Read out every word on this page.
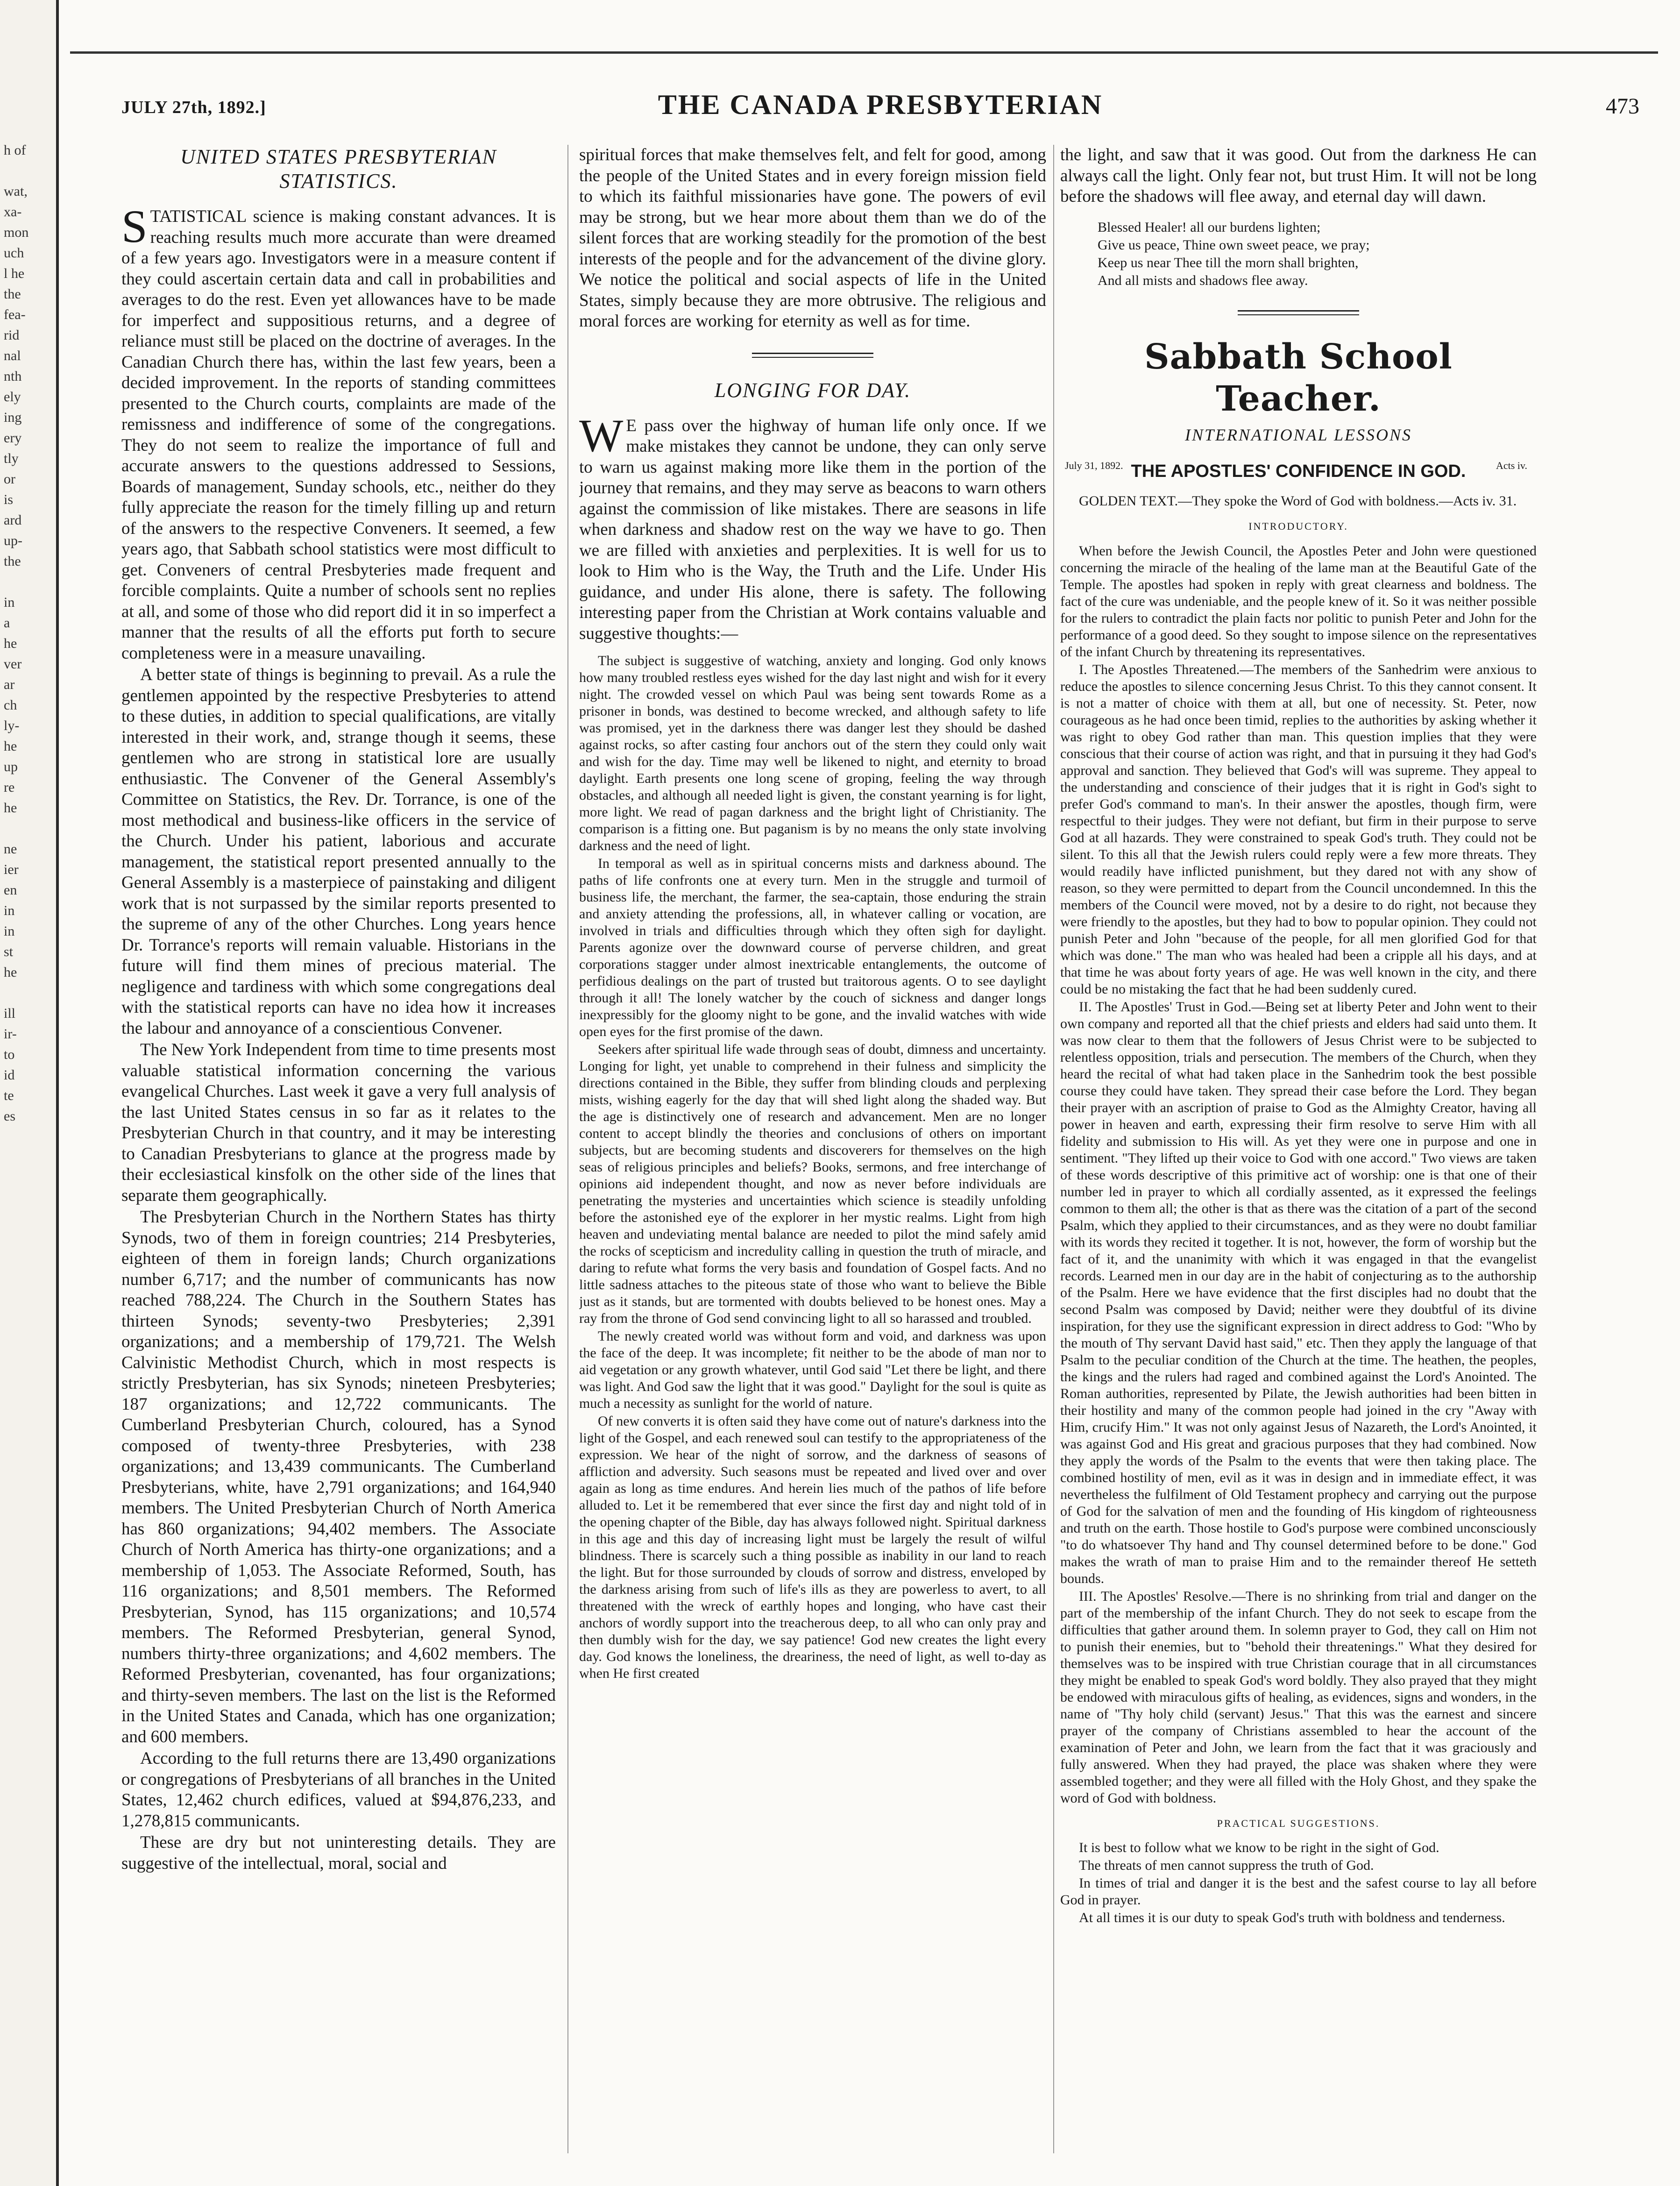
h of
wat,
xa-
mon
uch
l he
the
fea-
rid
nal
nth
ely
ing
ery
tly
or
is
ard
up-
the
in
a
he
ver
ar
ch
ly-
he
up
re
he
ne
ier
en
in
in
st
he
ill
ir-
to
id
te
es
JULY 27th, 1892.]	THE CANADA PRESBYTERIAN	473
UNITED STATES PRESBYTERIAN STATISTICS.

STATISTICAL science is making constant advances. It is reaching results much more accurate than were dreamed of a few years ago. Investigators were in a measure content if they could ascertain certain data and call in probabilities and averages to do the rest. Even yet allowances have to be made for imperfect and suppositious returns, and a degree of reliance must still be placed on the doctrine of averages. In the Canadian Church there has, within the last few years, been a decided improvement. In the reports of standing committees presented to the Church courts, complaints are made of the remissness and indifference of some of the congregations. They do not seem to realize the importance of full and accurate answers to the questions addressed to Sessions, Boards of management, Sunday schools, etc., neither do they fully appreciate the reason for the timely filling up and return of the answers to the respective Conveners. It seemed, a few years ago, that Sabbath school statistics were most difficult to get. Conveners of central Presbyteries made frequent and forcible complaints. Quite a number of schools sent no replies at all, and some of those who did report did it in so imperfect a manner that the results of all the efforts put forth to secure completeness were in a measure unavailing.

A better state of things is beginning to prevail. As a rule the gentlemen appointed by the respective Presbyteries to attend to these duties, in addition to special qualifications, are vitally interested in their work, and, strange though it seems, these gentlemen who are strong in statistical lore are usually enthusiastic. The Convener of the General Assembly's Committee on Statistics, the Rev. Dr. Torrance, is one of the most methodical and business-like officers in the service of the Church. Under his patient, laborious and accurate management, the statistical report presented annually to the General Assembly is a masterpiece of painstaking and diligent work that is not surpassed by the similar reports presented to the supreme of any of the other Churches. Long years hence Dr. Torrance's reports will remain valuable. Historians in the future will find them mines of precious material. The negligence and tardiness with which some congregations deal with the statistical reports can have no idea how it increases the labour and annoyance of a conscientious Convener.

The New York Independent from time to time presents most valuable statistical information concerning the various evangelical Churches. Last week it gave a very full analysis of the last United States census in so far as it relates to the Presbyterian Church in that country, and it may be interesting to Canadian Presbyterians to glance at the progress made by their ecclesiastical kinsfolk on the other side of the lines that separate them geographically.

The Presbyterian Church in the Northern States has thirty Synods, two of them in foreign countries; 214 Presbyteries, eighteen of them in foreign lands; Church organizations number 6,717; and the number of communicants has now reached 788,224. The Church in the Southern States has thirteen Synods; seventy-two Presbyteries; 2,391 organizations; and a membership of 179,721. The Welsh Calvinistic Methodist Church, which in most respects is strictly Presbyterian, has six Synods; nineteen Presbyteries; 187 organizations; and 12,722 communicants. The Cumberland Presbyterian Church, coloured, has a Synod composed of twenty-three Presbyteries, with 238 organizations; and 13,439 communicants. The Cumberland Presbyterians, white, have 2,791 organizations; and 164,940 members. The United Presbyterian Church of North America has 860 organizations; 94,402 members. The Associate Church of North America has thirty-one organizations; and a membership of 1,053. The Associate Reformed, South, has 116 organizations; and 8,501 members. The Reformed Presbyterian, Synod, has 115 organizations; and 10,574 members. The Reformed Presbyterian, general Synod, numbers thirty-three organizations; and 4,602 members. The Reformed Presbyterian, covenanted, has four organizations; and thirty-seven members. The last on the list is the Reformed in the United States and Canada, which has one organization; and 600 members.

According to the full returns there are 13,490 organizations or congregations of Presbyterians of all branches in the United States, 12,462 church edifices, valued at $94,876,233, and 1,278,815 communicants.

These are dry but not uninteresting details. They are suggestive of the intellectual, moral, social and

spiritual forces that make themselves felt, and felt for good, among the people of the United States and in every foreign mission field to which its faithful missionaries have gone. The powers of evil may be strong, but we hear more about them than we do of the silent forces that are working steadily for the promotion of the best interests of the people and for the advancement of the divine glory. We notice the political and social aspects of life in the United States, simply because they are more obtrusive. The religious and moral forces are working for eternity as well as for time.

LONGING FOR DAY.

WE pass over the highway of human life only once. If we make mistakes they cannot be undone, they can only serve to warn us against making more like them in the portion of the journey that remains, and they may serve as beacons to warn others against the commission of like mistakes. There are seasons in life when darkness and shadow rest on the way we have to go. Then we are filled with anxieties and perplexities. It is well for us to look to Him who is the Way, the Truth and the Life. Under His guidance, and under His alone, there is safety. The following interesting paper from the Christian at Work contains valuable and suggestive thoughts:—

The subject is suggestive of watching, anxiety and longing. God only knows how many troubled restless eyes wished for the day last night and wish for it every night. The crowded vessel on which Paul was being sent towards Rome as a prisoner in bonds, was destined to become wrecked, and although safety to life was promised, yet in the darkness there was danger lest they should be dashed against rocks, so after casting four anchors out of the stern they could only wait and wish for the day. Time may well be likened to night, and eternity to broad daylight. Earth presents one long scene of groping, feeling the way through obstacles, and although all needed light is given, the constant yearning is for light, more light. We read of pagan darkness and the bright light of Christianity. The comparison is a fitting one. But paganism is by no means the only state involving darkness and the need of light.

In temporal as well as in spiritual concerns mists and darkness abound. The paths of life confronts one at every turn. Men in the struggle and turmoil of business life, the merchant, the farmer, the sea-captain, those enduring the strain and anxiety attending the professions, all, in whatever calling or vocation, are involved in trials and difficulties through which they often sigh for daylight. Parents agonize over the downward course of perverse children, and great corporations stagger under almost inextricable entanglements, the outcome of perfidious dealings on the part of trusted but traitorous agents. O to see daylight through it all! The lonely watcher by the couch of sickness and danger longs inexpressibly for the gloomy night to be gone, and the invalid watches with wide open eyes for the first promise of the dawn.

Seekers after spiritual life wade through seas of doubt, dimness and uncertainty. Longing for light, yet unable to comprehend in their fulness and simplicity the directions contained in the Bible, they suffer from blinding clouds and perplexing mists, wishing eagerly for the day that will shed light along the shaded way. But the age is distinctively one of research and advancement. Men are no longer content to accept blindly the theories and conclusions of others on important subjects, but are becoming students and discoverers for themselves on the high seas of religious principles and beliefs? Books, sermons, and free interchange of opinions aid independent thought, and now as never before individuals are penetrating the mysteries and uncertainties which science is steadily unfolding before the astonished eye of the explorer in her mystic realms. Light from high heaven and undeviating mental balance are needed to pilot the mind safely amid the rocks of scepticism and incredulity calling in question the truth of miracle, and daring to refute what forms the very basis and foundation of Gospel facts. And no little sadness attaches to the piteous state of those who want to believe the Bible just as it stands, but are tormented with doubts believed to be honest ones. May a ray from the throne of God send convincing light to all so harassed and troubled.

The newly created world was without form and void, and darkness was upon the face of the deep. It was incomplete; fit neither to be the abode of man nor to aid vegetation or any growth whatever, until God said "Let there be light, and there was light. And God saw the light that it was good." Daylight for the soul is quite as much a necessity as sunlight for the world of nature.

Of new converts it is often said they have come out of nature's darkness into the light of the Gospel, and each renewed soul can testify to the appropriateness of the expression. We hear of the night of sorrow, and the darkness of seasons of affliction and adversity. Such seasons must be repeated and lived over and over again as long as time endures. And herein lies much of the pathos of life before alluded to. Let it be remembered that ever since the first day and night told of in the opening chapter of the Bible, day has always followed night. Spiritual darkness in this age and this day of increasing light must be largely the result of wilful blindness. There is scarcely such a thing possible as inability in our land to reach the light. But for those surrounded by clouds of sorrow and distress, enveloped by the darkness arising from such of life's ills as they are powerless to avert, to all threatened with the wreck of earthly hopes and longing, who have cast their anchors of wordly support into the treacherous deep, to all who can only pray and then dumbly wish for the day, we say patience! God new creates the light every day. God knows the loneliness, the dreariness, the need of light, as well to-day as when He first created

the light, and saw that it was good. Out from the darkness He can always call the light. Only fear not, but trust Him. It will not be long before the shadows will flee away, and eternal day will dawn.

Blessed Healer! all our burdens lighten;
Give us peace, Thine own sweet peace, we pray;
Keep us near Thee till the morn shall brighten,
And all mists and shadows flee away.
Sabbath School Teacher.
INTERNATIONAL LESSONS
July 31, 1892. THE APOSTLES' CONFIDENCE IN GOD.	Acts iv.

GOLDEN TEXT.—They spoke the Word of God with boldness.—Acts iv. 31.

INTRODUCTORY.

When before the Jewish Council, the Apostles Peter and John were questioned concerning the miracle of the healing of the lame man at the Beautiful Gate of the Temple. The apostles had spoken in reply with great clearness and boldness. The fact of the cure was undeniable, and the people knew of it. So it was neither possible for the rulers to contradict the plain facts nor politic to punish Peter and John for the performance of a good deed. So they sought to impose silence on the representatives of the infant Church by threatening its representatives.

I. The Apostles Threatened.—The members of the Sanhedrim were anxious to reduce the apostles to silence concerning Jesus Christ. To this they cannot consent. It is not a matter of choice with them at all, but one of necessity. St. Peter, now courageous as he had once been timid, replies to the authorities by asking whether it was right to obey God rather than man. This question implies that they were conscious that their course of action was right, and that in pursuing it they had God's approval and sanction. They believed that God's will was supreme. They appeal to the understanding and conscience of their judges that it is right in God's sight to prefer God's command to man's. In their answer the apostles, though firm, were respectful to their judges. They were not defiant, but firm in their purpose to serve God at all hazards. They were constrained to speak God's truth. They could not be silent. To this all that the Jewish rulers could reply were a few more threats. They would readily have inflicted punishment, but they dared not with any show of reason, so they were permitted to depart from the Council uncondemned. In this the members of the Council were moved, not by a desire to do right, not because they were friendly to the apostles, but they had to bow to popular opinion. They could not punish Peter and John "because of the people, for all men glorified God for that which was done." The man who was healed had been a cripple all his days, and at that time he was about forty years of age. He was well known in the city, and there could be no mistaking the fact that he had been suddenly cured.

II. The Apostles' Trust in God.—Being set at liberty Peter and John went to their own company and reported all that the chief priests and elders had said unto them. It was now clear to them that the followers of Jesus Christ were to be subjected to relentless opposition, trials and persecution. The members of the Church, when they heard the recital of what had taken place in the Sanhedrim took the best possible course they could have taken. They spread their case before the Lord. They began their prayer with an ascription of praise to God as the Almighty Creator, having all power in heaven and earth, expressing their firm resolve to serve Him with all fidelity and submission to His will. As yet they were one in purpose and one in sentiment. "They lifted up their voice to God with one accord." Two views are taken of these words descriptive of this primitive act of worship: one is that one of their number led in prayer to which all cordially assented, as it expressed the feelings common to them all; the other is that as there was the citation of a part of the second Psalm, which they applied to their circumstances, and as they were no doubt familiar with its words they recited it together. It is not, however, the form of worship but the fact of it, and the unanimity with which it was engaged in that the evangelist records. Learned men in our day are in the habit of conjecturing as to the authorship of the Psalm. Here we have evidence that the first disciples had no doubt that the second Psalm was composed by David; neither were they doubtful of its divine inspiration, for they use the significant expression in direct address to God: "Who by the mouth of Thy servant David hast said," etc. Then they apply the language of that Psalm to the peculiar condition of the Church at the time. The heathen, the peoples, the kings and the rulers had raged and combined against the Lord's Anointed. The Roman authorities, represented by Pilate, the Jewish authorities had been bitten in their hostility and many of the common people had joined in the cry "Away with Him, crucify Him." It was not only against Jesus of Nazareth, the Lord's Anointed, it was against God and His great and gracious purposes that they had combined. Now they apply the words of the Psalm to the events that were then taking place. The combined hostility of men, evil as it was in design and in immediate effect, it was nevertheless the fulfilment of Old Testament prophecy and carrying out the purpose of God for the salvation of men and the founding of His kingdom of righteousness and truth on the earth. Those hostile to God's purpose were combined unconsciously "to do whatsoever Thy hand and Thy counsel determined before to be done." God makes the wrath of man to praise Him and to the remainder thereof He setteth bounds.

III. The Apostles' Resolve.—There is no shrinking from trial and danger on the part of the membership of the infant Church. They do not seek to escape from the difficulties that gather around them. In solemn prayer to God, they call on Him not to punish their enemies, but to "behold their threatenings." What they desired for themselves was to be inspired with true Christian courage that in all circumstances they might be enabled to speak God's word boldly. They also prayed that they might be endowed with miraculous gifts of healing, as evidences, signs and wonders, in the name of "Thy holy child (servant) Jesus." That this was the earnest and sincere prayer of the company of Christians assembled to hear the account of the examination of Peter and John, we learn from the fact that it was graciously and fully answered. When they had prayed, the place was shaken where they were assembled together; and they were all filled with the Holy Ghost, and they spake the word of God with boldness.

PRACTICAL SUGGESTIONS.

It is best to follow what we know to be right in the sight of God.

The threats of men cannot suppress the truth of God.

In times of trial and danger it is the best and the safest course to lay all before God in prayer.

At all times it is our duty to speak God's truth with boldness and tenderness.
